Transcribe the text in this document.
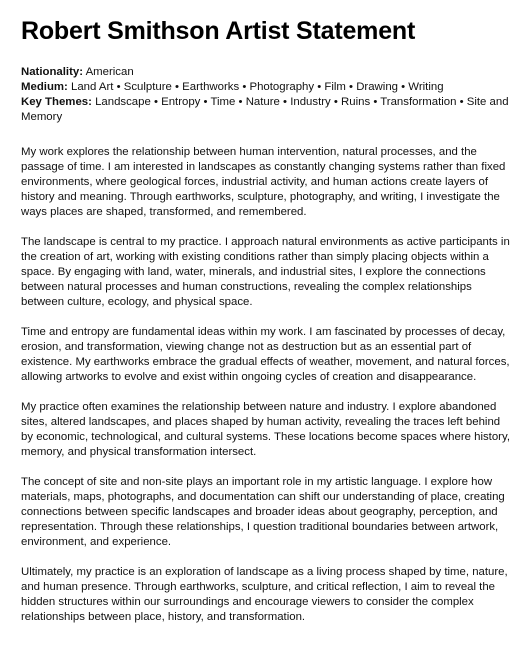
Robert Smithson Artist Statement

Nationality: American

Medium: Land Art • Sculpture • Earthworks • Photography • Film • Drawing • Writing

Key Themes: Landscape • Entropy • Time • Nature • Industry • Ruins • Transformation • Site and Memory

My work explores the relationship between human intervention, natural processes, and the passage of time. I am interested in landscapes as constantly changing systems rather than fixed environments, where geological forces, industrial activity, and human actions create layers of history and meaning. Through earthworks, sculpture, photography, and writing, I investigate the ways places are shaped, transformed, and remembered.

The landscape is central to my practice. I approach natural environments as active participants in the creation of art, working with existing conditions rather than simply placing objects within a space. By engaging with land, water, minerals, and industrial sites, I explore the connections between natural processes and human constructions, revealing the complex relationships between culture, ecology, and physical space.

Time and entropy are fundamental ideas within my work. I am fascinated by processes of decay, erosion, and transformation, viewing change not as destruction but as an essential part of existence. My earthworks embrace the gradual effects of weather, movement, and natural forces, allowing artworks to evolve and exist within ongoing cycles of creation and disappearance.

My practice often examines the relationship between nature and industry. I explore abandoned sites, altered landscapes, and places shaped by human activity, revealing the traces left behind by economic, technological, and cultural systems. These locations become spaces where history, memory, and physical transformation intersect.

The concept of site and non-site plays an important role in my artistic language. I explore how materials, maps, photographs, and documentation can shift our understanding of place, creating connections between specific landscapes and broader ideas about geography, perception, and representation. Through these relationships, I question traditional boundaries between artwork, environment, and experience.

Ultimately, my practice is an exploration of landscape as a living process shaped by time, nature, and human presence. Through earthworks, sculpture, and critical reflection, I aim to reveal the hidden structures within our surroundings and encourage viewers to consider the complex relationships between place, history, and transformation.
